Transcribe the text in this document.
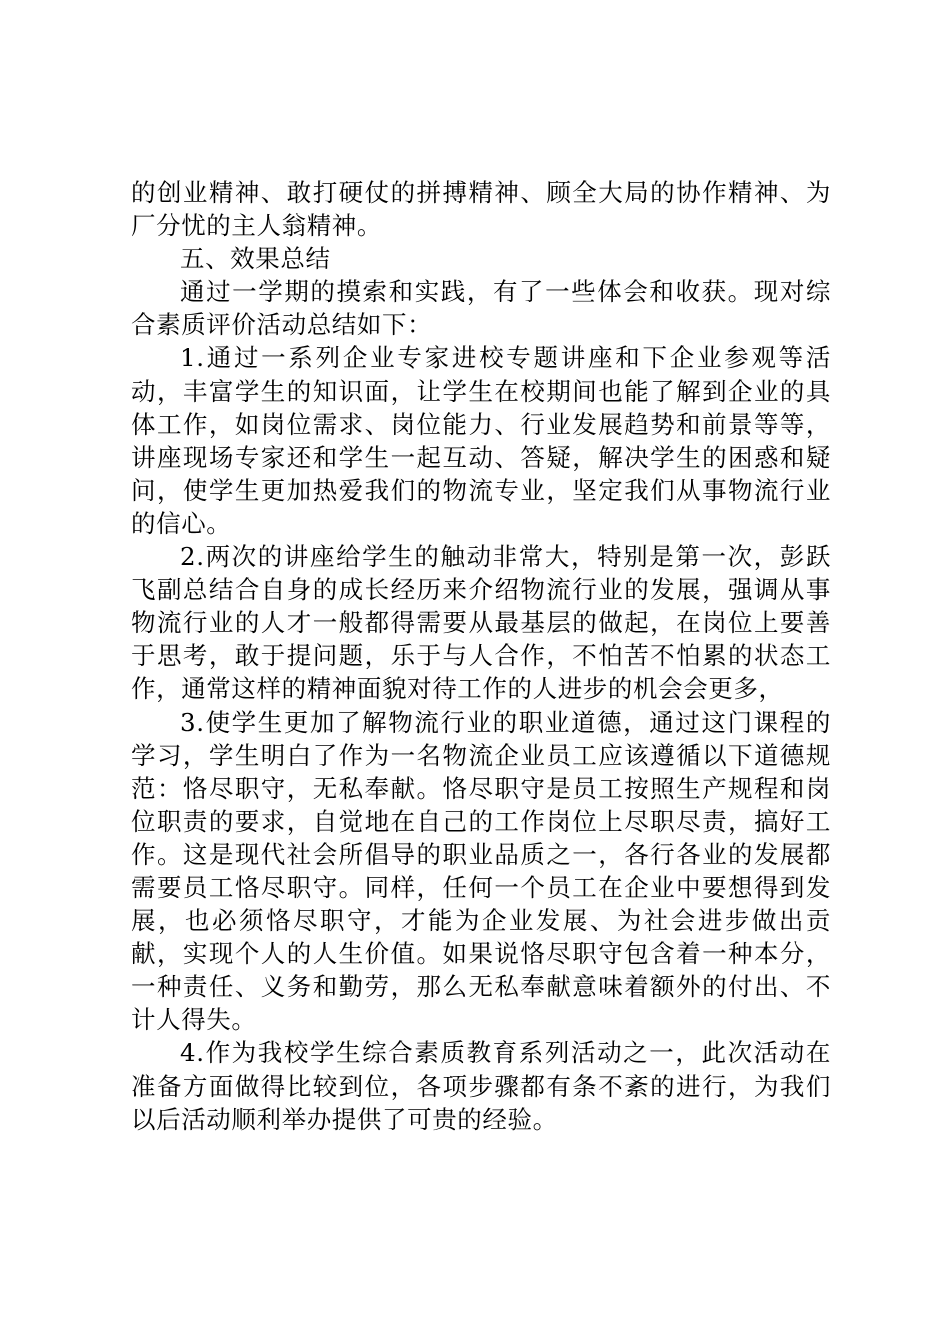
的创业精神、敢打硬仗的拼搏精神、顾全大局的协作精神、为厂分忧的主人翁精神。

五、效果总结

通过一学期的摸索和实践，有了一些体会和收获。现对综合素质评价活动总结如下：

1.通过一系列企业专家进校专题讲座和下企业参观等活动，丰富学生的知识面，让学生在校期间也能了解到企业的具体工作，如岗位需求、岗位能力、行业发展趋势和前景等等，讲座现场专家还和学生一起互动、答疑，解决学生的困惑和疑问，使学生更加热爱我们的物流专业，坚定我们从事物流行业的信心。

2.两次的讲座给学生的触动非常大，特别是第一次，彭跃飞副总结合自身的成长经历来介绍物流行业的发展，强调从事物流行业的人才一般都得需要从最基层的做起，在岗位上要善于思考，敢于提问题，乐于与人合作，不怕苦不怕累的状态工作，通常这样的精神面貌对待工作的人进步的机会会更多，

3.使学生更加了解物流行业的职业道德，通过这门课程的学习，学生明白了作为一名物流企业员工应该遵循以下道德规范：恪尽职守，无私奉献。恪尽职守是员工按照生产规程和岗位职责的要求，自觉地在自己的工作岗位上尽职尽责，搞好工作。这是现代社会所倡导的职业品质之一，各行各业的发展都需要员工恪尽职守。同样，任何一个员工在企业中要想得到发展，也必须恪尽职守，才能为企业发展、为社会进步做出贡献，实现个人的人生价值。如果说恪尽职守包含着一种本分，一种责任、义务和勤劳，那么无私奉献意味着额外的付出、不计人得失。

4.作为我校学生综合素质教育系列活动之一，此次活动在准备方面做得比较到位，各项步骤都有条不紊的进行，为我们以后活动顺利举办提供了可贵的经验。
